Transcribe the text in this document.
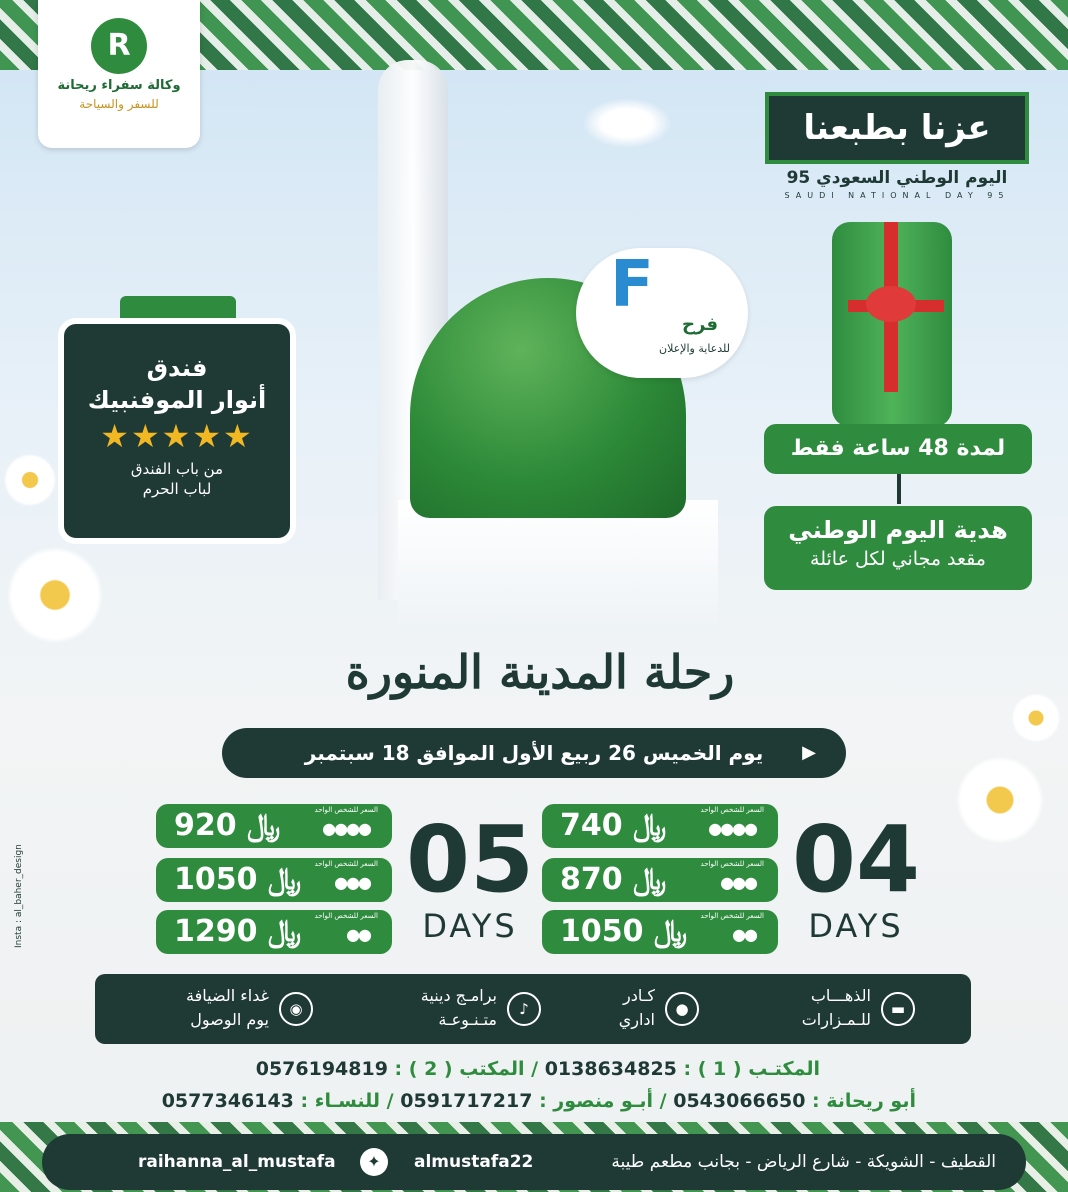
R
وكالة سفراء ريحانة
للسفر والسياحة
عزنا بطبعنا
اليوم الوطني السعودي 95
SAUDI NATIONAL DAY 95
F
فرح
للدعاية والإعلان
لمدة 48 ساعة فقط
هدية اليوم الوطني
مقعد مجاني لكل عائلة
فندق
أنوار الموفنبيك
★★★★★
من باب الفندق
لباب الحرم
رحلة المدينة المنورة
يوم الخميس 26 ربيع الأول الموافق 18 سبتمبر ▶
﷼ 920	السعر للشخص الواحد
●●●●
﷼ 1050	السعر للشخص الواحد
●●●
﷼ 1290	السعر للشخص الواحد
●●
05
DAYS
﷼ 740	السعر للشخص الواحد
●●●●
﷼ 870	السعر للشخص الواحد
●●●
﷼ 1050	السعر للشخص الواحد
●●
04
DAYS
▬
الذهـــاب
للـمـزارات
●
كـادر
اداري
♪
برامـج دينية
متـنـوعـة
◉
غداء الضيافة
يوم الوصول
المكتـب ( 1 ) : 0138634825 / المكتب ( 2 ) : 0576194819
أبو ريحانة : 0543066650 / أبـو منصور : 0591717217 / للنسـاء : 0577346143
القطيف - الشويكة - شارع الرياض - بجانب مطعم طيبة
almustafa22
✦
raihanna_al_mustafa
Insta : al_baher_design
